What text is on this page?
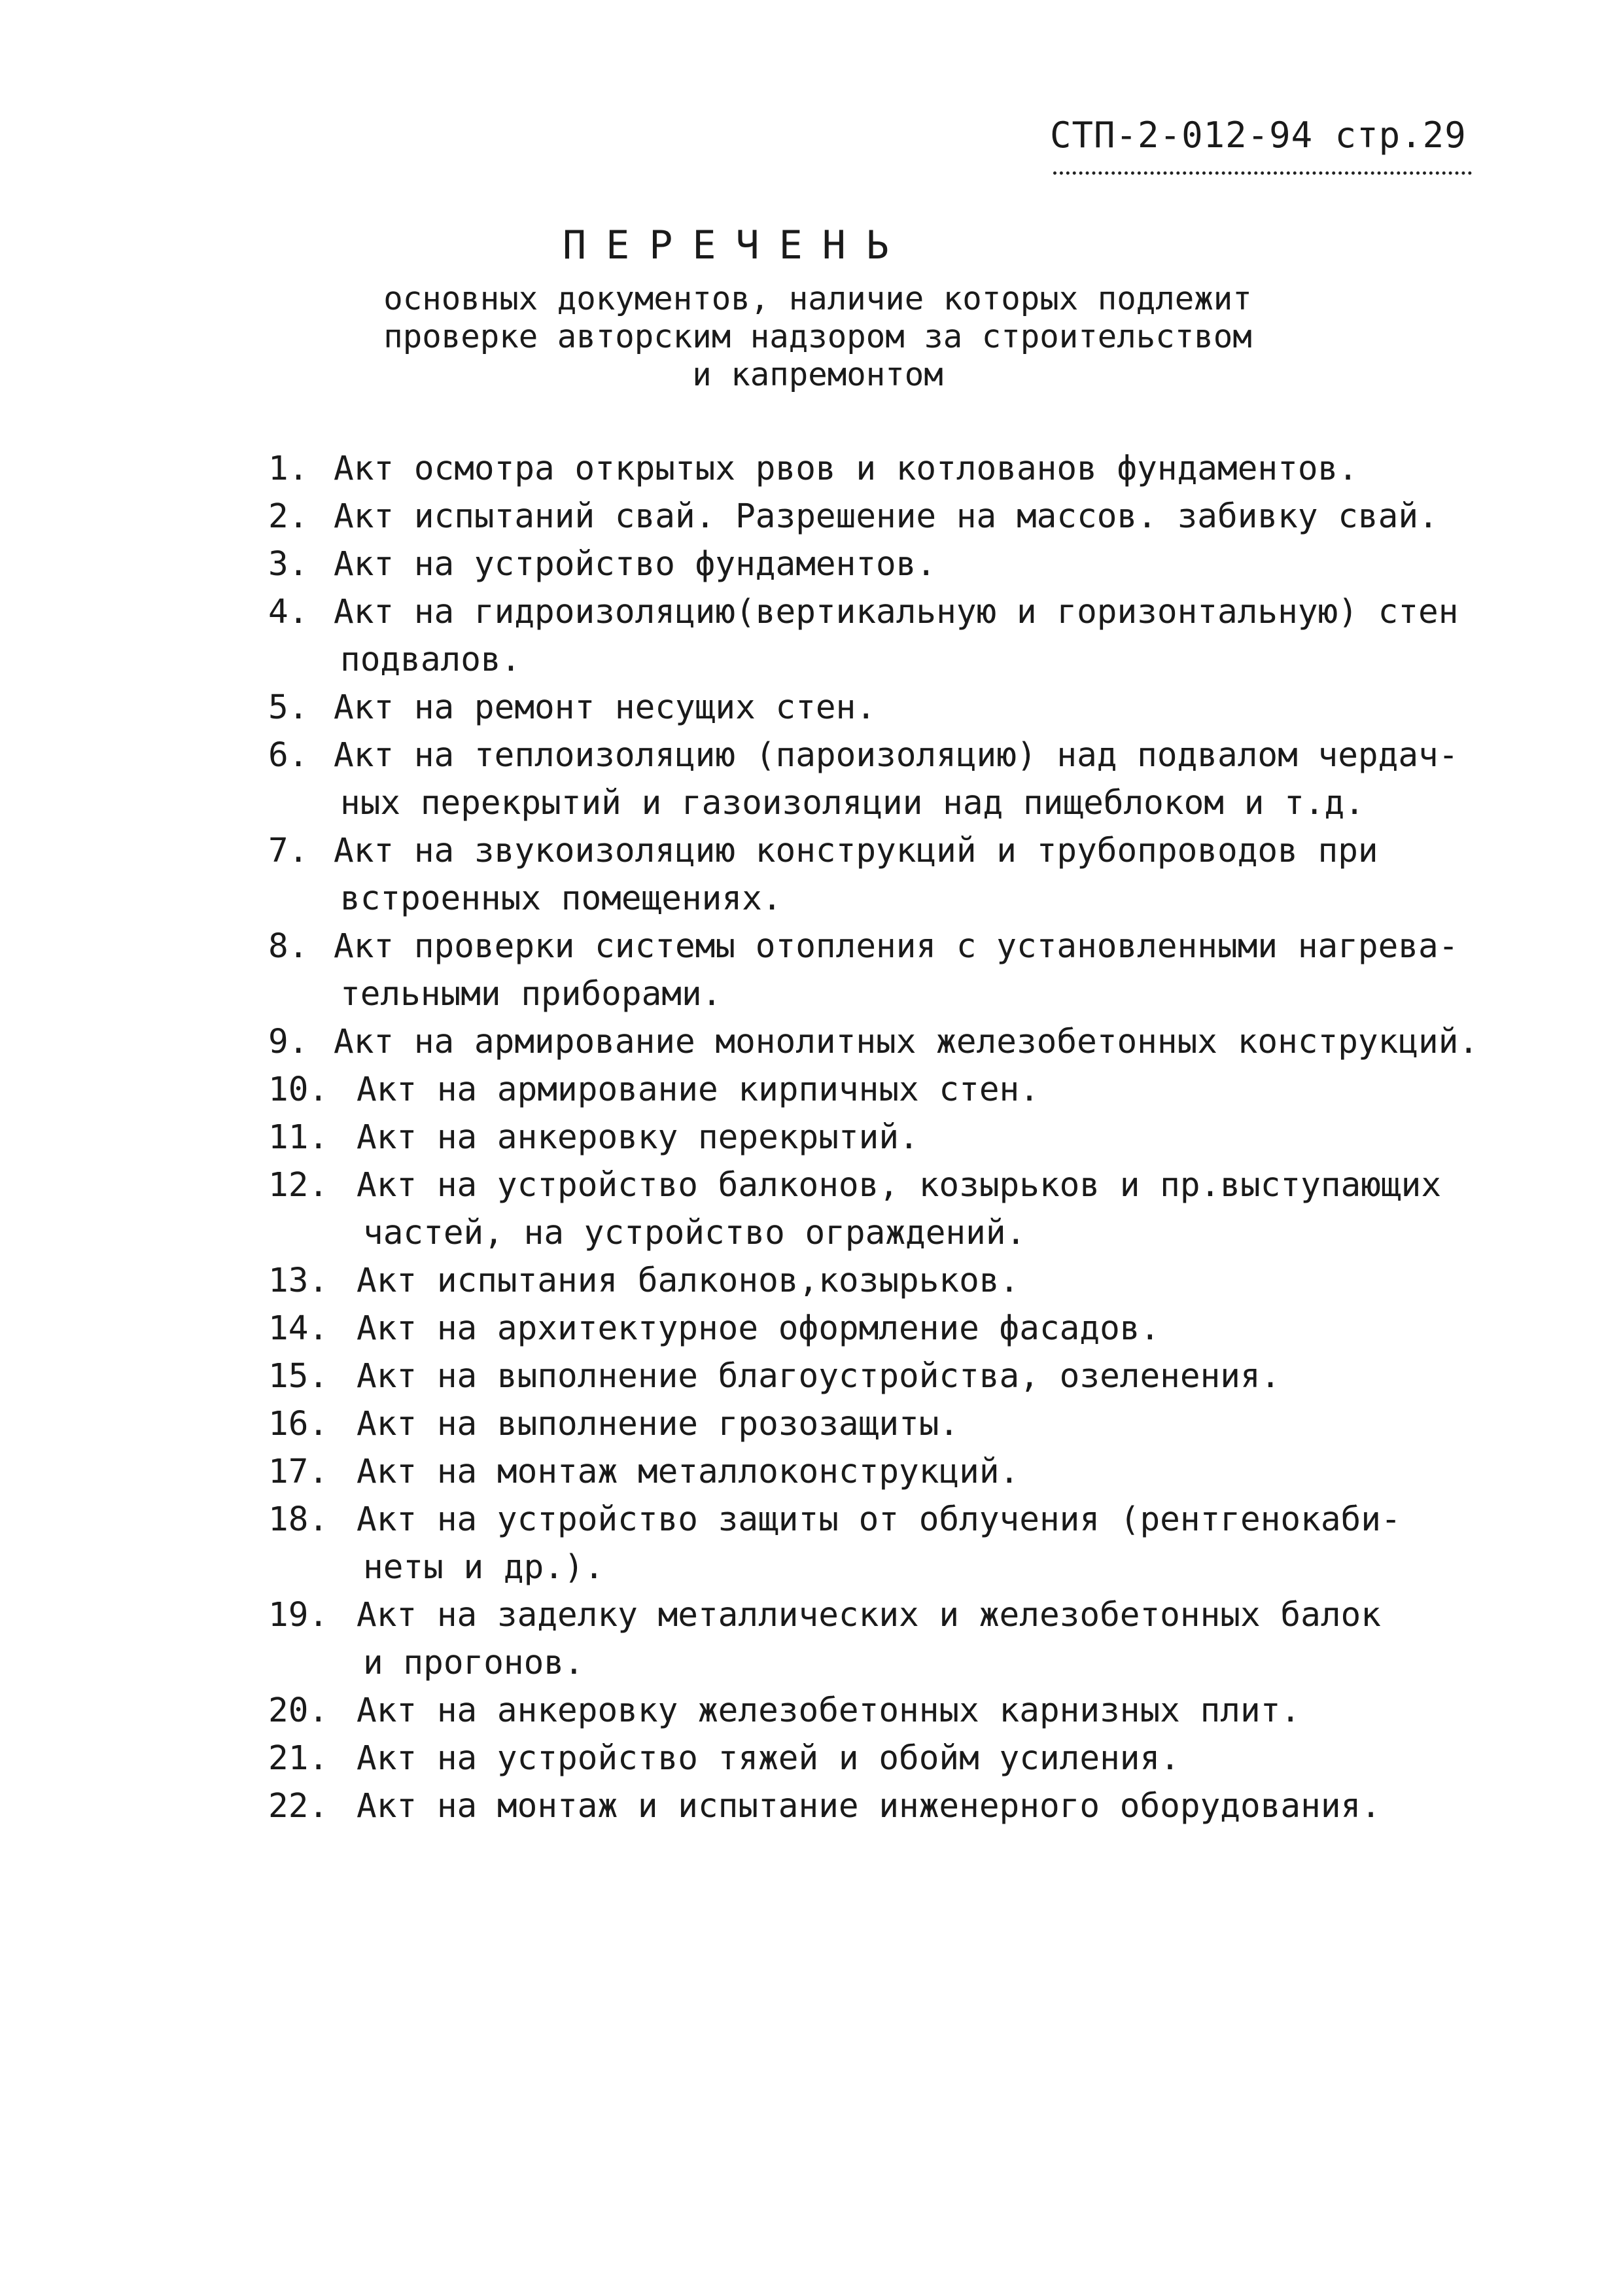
СТП-2-012-94 стр.29
ПЕРЕЧЕНЬ
основных документов, наличие которых подлежит
проверке авторским надзором за строительством
и капремонтом
1. Акт осмотра открытых рвов и котлованов фундаментов.
2. Акт испытаний свай. Разрешение на массов. забивку свай.
3. Акт на устройство фундаментов.
4. Акт на гидроизоляцию(вертикальную и горизонтальную) стен
подвалов.
5. Акт на ремонт несущих стен.
6. Акт на теплоизоляцию (пароизоляцию) над подвалом чердач-
ных перекрытий и газоизоляции над пищеблоком и т.д.
7. Акт на звукоизоляцию конструкций и трубопроводов при
встроенных помещениях.
8. Акт проверки системы отопления с установленными нагрева-
тельными приборами.
9. Акт на армирование монолитных железобетонных конструкций.
10. Акт на армирование кирпичных стен.
11. Акт на анкеровку перекрытий.
12. Акт на устройство балконов, козырьков и пр.выступающих
частей, на устройство ограждений.
13. Акт испытания балконов,козырьков.
14. Акт на архитектурное оформление фасадов.
15. Акт на выполнение благоустройства, озеленения.
16. Акт на выполнение грозозащиты.
17. Акт на монтаж металлоконструкций.
18. Акт на устройство защиты от облучения (рентгенокаби-
неты и др.).
19. Акт на заделку металлических и железобетонных балок
и прогонов.
20. Акт на анкеровку железобетонных карнизных плит.
21. Акт на устройство тяжей и обойм усиления.
22. Акт на монтаж и испытание инженерного оборудования.
